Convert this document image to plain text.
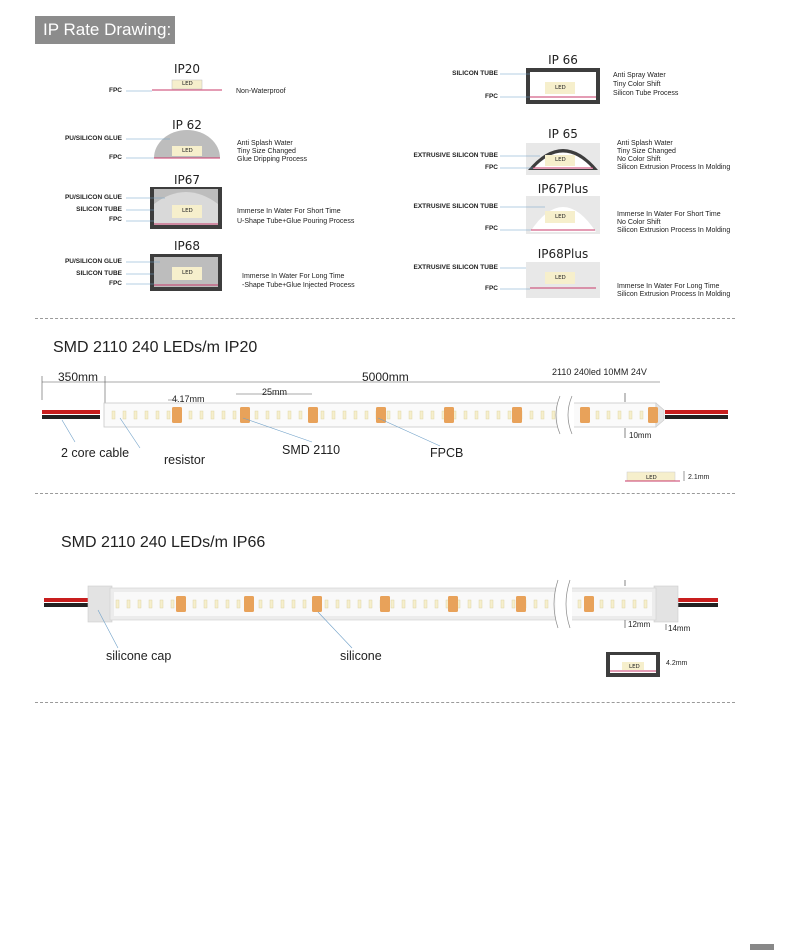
IP Rate Drawing:
LED
LED
LED
LED
LED
LED
LED
LED
IP20
IP 62
IP67
IP68
IP 66
IP 65
IP67Plus
IP68Plus
FPC
PU/SILICON GLUE
FPC
PU/SILICON GLUE
SILICON TUBE
FPC
PU/SILICON GLUE
SILICON TUBE
FPC
SILICON TUBE
FPC
EXTRUSIVE SILICON TUBE
FPC
EXTRUSIVE SILICON TUBE
FPC
EXTRUSIVE SILICON TUBE
FPC
Non-Waterproof
Anti Splash Water
Tiny Size Changed
Glue Dripping Process
Immerse In Water For Short Time
U-Shape Tube+Glue Pouring Process
Immerse In Water For Long Time
-Shape Tube+Glue Injected Process
Anti Spray Water
Tiny Color Shift
Silicon Tube Process
Anti Splash Water
Tiny Size Changed
No Color Shift
Silicon Extrusion Process In Molding
Immerse In Water For Short Time
No Color Shift
Silicon Extrusion Process In Molding
Immerse In Water For Long Time
Silicon Extrusion Process In Molding
SMD 2110 240 LEDs/m IP20
LED
350mm	5000mm	2110 240led 10MM 24V
4.17mm
25mm
10mm
2.1mm
2 core cable	resistor
SMD 2110	FPCB
SMD 2110 240 LEDs/m IP66
LED
12mm 14mm
4.2mm
silicone cap	silicone
